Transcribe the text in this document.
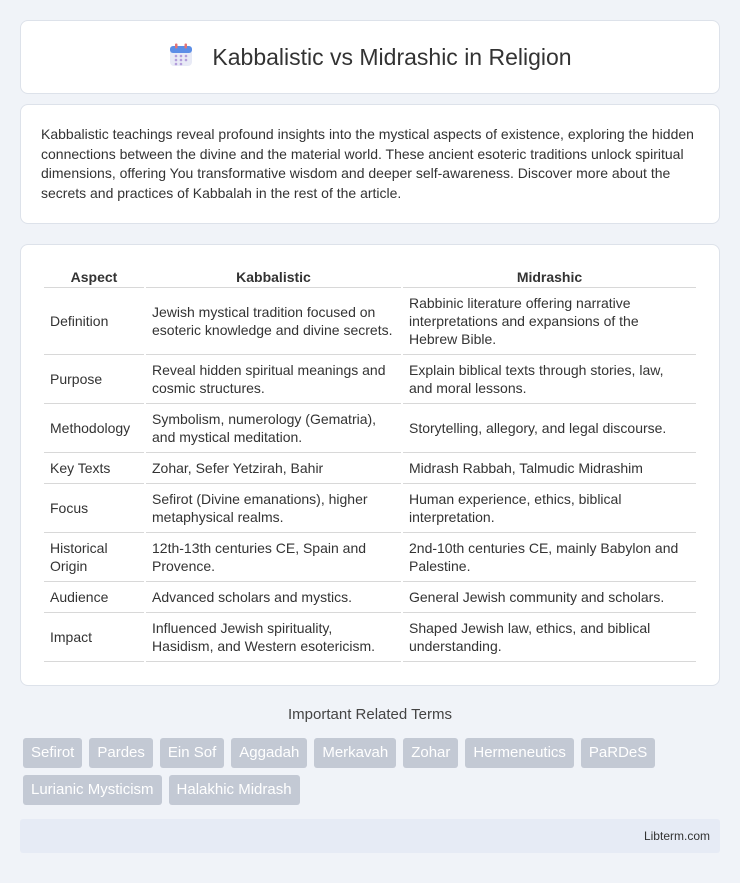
Kabbalistic vs Midrashic in Religion

Kabbalistic teachings reveal profound insights into the mystical aspects of existence, exploring the hidden connections between the divine and the material world. These ancient esoteric traditions unlock spiritual dimensions, offering You transformative wisdom and deeper self-awareness. Discover more about the secrets and practices of Kabbalah in the rest of the article.

Aspect	Kabbalistic	Midrashic
Definition	Jewish mystical tradition focused on esoteric knowledge and divine secrets.	Rabbinic literature offering narrative interpretations and expansions of the Hebrew Bible.
Purpose	Reveal hidden spiritual meanings and cosmic structures.	Explain biblical texts through stories, law, and moral lessons.
Methodology	Symbolism, numerology (Gematria), and mystical meditation.	Storytelling, allegory, and legal discourse.
Key Texts	Zohar, Sefer Yetzirah, Bahir	Midrash Rabbah, Talmudic Midrashim
Focus	Sefirot (Divine emanations), higher metaphysical realms.	Human experience, ethics, biblical interpretation.
Historical Origin	12th-13th centuries CE, Spain and Provence.	2nd-10th centuries CE, mainly Babylon and Palestine.
Audience	Advanced scholars and mystics.	General Jewish community and scholars.
Impact	Influenced Jewish spirituality, Hasidism, and Western esotericism.	Shaped Jewish law, ethics, and biblical understanding.
Important Related Terms
Sefirot	Pardes	Ein Sof	Aggadah	Merkavah	Zohar	Hermeneutics	PaRDeS
Lurianic Mysticism	Halakhic Midrash
Libterm.com
